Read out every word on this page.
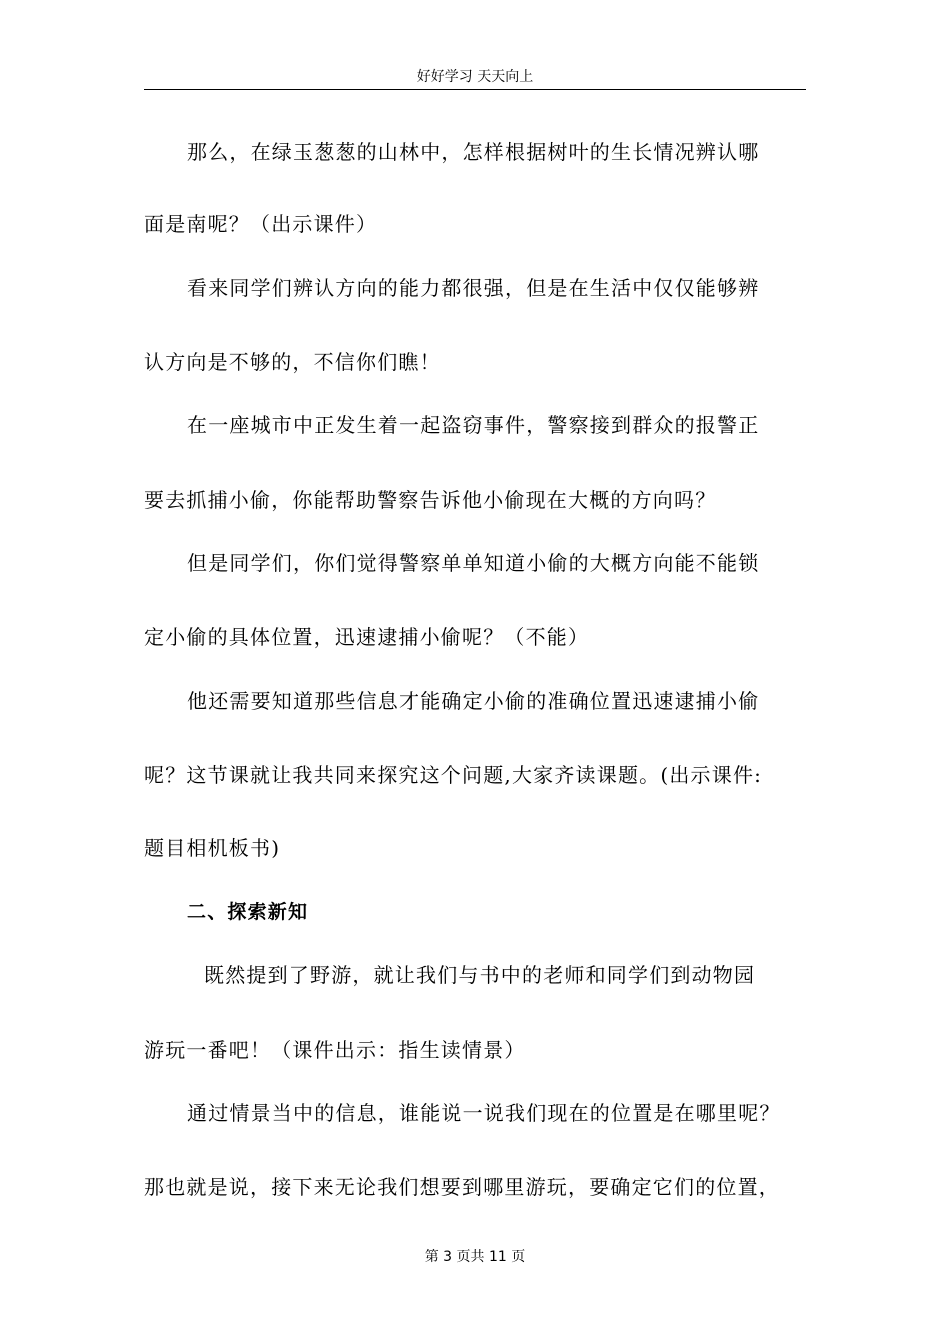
好好学习 天天向上
那么，在绿玉葱葱的山林中，怎样根据树叶的生长情况辨认哪
面是南呢？（出示课件）
看来同学们辨认方向的能力都很强，但是在生活中仅仅能够辨
认方向是不够的，不信你们瞧！
在一座城市中正发生着一起盗窃事件，警察接到群众的报警正
要去抓捕小偷，你能帮助警察告诉他小偷现在大概的方向吗？
但是同学们，你们觉得警察单单知道小偷的大概方向能不能锁
定小偷的具体位置，迅速逮捕小偷呢？（不能）
他还需要知道那些信息才能确定小偷的准确位置迅速逮捕小偷
呢？这节课就让我共同来探究这个问题,大家齐读课题。(出示课件:
题目相机板书)
二、探索新知
既然提到了野游，就让我们与书中的老师和同学们到动物园
游玩一番吧！（课件出示：指生读情景）
通过情景当中的信息，谁能说一说我们现在的位置是在哪里呢？
那也就是说，接下来无论我们想要到哪里游玩，要确定它们的位置，
第 3 页共 11 页
